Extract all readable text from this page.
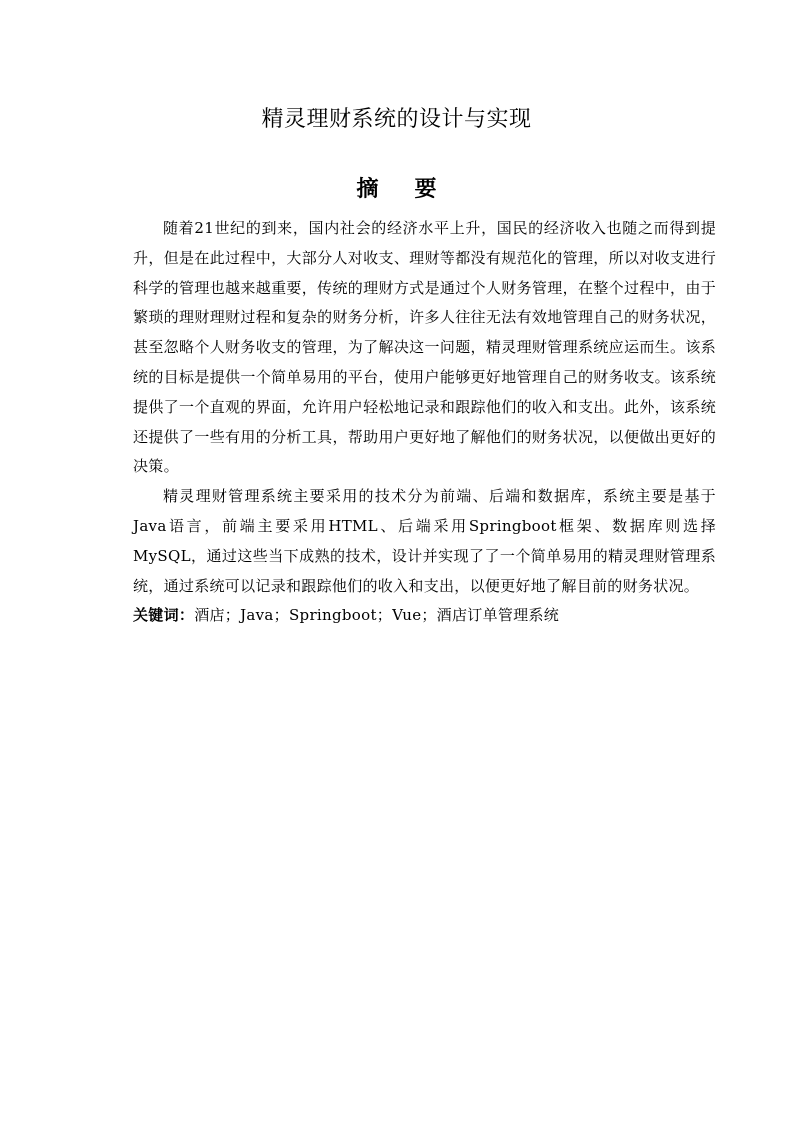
精灵理财系统的设计与实现
摘要

随着21世纪的到来，国内社会的经济水平上升，国民的经济收入也随之而得到提升，但是在此过程中，大部分人对收支、理财等都没有规范化的管理，所以对收支进行科学的管理也越来越重要，传统的理财方式是通过个人财务管理，在整个过程中，由于繁琐的理财理财过程和复杂的财务分析，许多人往往无法有效地管理自己的财务状况，甚至忽略个人财务收支的管理，为了解决这一问题，精灵理财管理系统应运而生。该系统的目标是提供一个简单易用的平台，使用户能够更好地管理自己的财务收支。该系统提供了一个直观的界面，允许用户轻松地记录和跟踪他们的收入和支出。此外，该系统还提供了一些有用的分析工具，帮助用户更好地了解他们的财务状况，以便做出更好的决策。

精灵理财管理系统主要采用的技术分为前端、后端和数据库，系统主要是基于Java语言，前端主要采用HTML、后端采用Springboot框架、数据库则选择MySQL，通过这些当下成熟的技术，设计并实现了了一个简单易用的精灵理财管理系统，通过系统可以记录和跟踪他们的收入和支出，以便更好地了解目前的财务状况。

关键词：酒店；Java；Springboot；Vue；酒店订单管理系统
